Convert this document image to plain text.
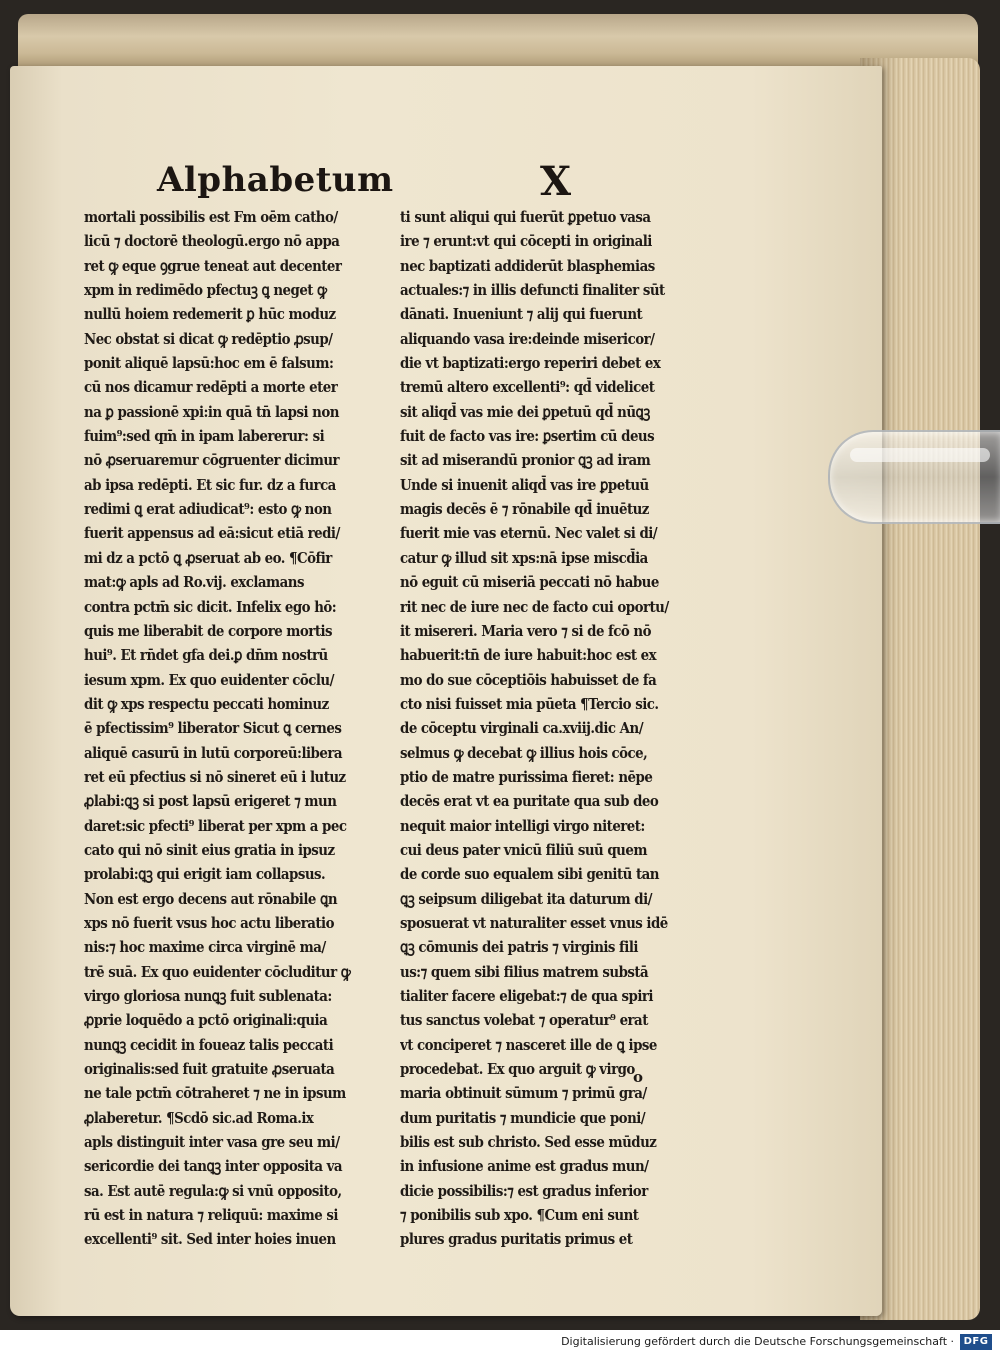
Alphabetum	X
mortali possibilis est Fm oēm catho/
licū ⁊ doctorē theologū.ergo nō appa
ret ꝙ eque ꝯgrue teneat aut decenter
xpm in redimēdo pfectuꝫ ꝗ neget ꝙ
nullū hoiem redemerit ꝑ hūc moduz
Nec obstat si dicat ꝙ redēptio ꝓsup/
ponit aliquē lapsū:hoc em ē falsum:
cū nos dicamur redēpti a morte eter
na ꝑ passionē xpi:in quā tn̄ lapsi non
fuim⁹:sed qm̄ in ipam labererur: si
nō ꝓseruaremur cōgruenter dicimur
ab ipsa redēpti. Et sic fur. dz a furca
redimi ꝗ erat adiudicat⁹: esto ꝙ non
fuerit appensus ad eā:sicut etiā redi/
mi dz a pctō ꝗ ꝓseruat ab eo. ¶Cōfir
mat:ꝙ apls ad Ro.vij. exclamans
contra pctm̄ sic dicit. Infelix ego hō:
quis me liberabit de corpore mortis
hui⁹. Et rn̄det gfa dei.ꝑ dn̄m nostrū
iesum xpm. Ex quo euidenter cōclu/
dit ꝙ xps respectu peccati hominuz
ē pfectissim⁹ liberator Sicut ꝗ cernes
aliquē casurū in lutū corporeū:libera
ret eū pfectius si nō sineret eū i lutuz
ꝓlabi:ꝗꝫ si post lapsū erigeret ⁊ mun
daret:sic pfecti⁹ liberat per xpm a pec
cato qui nō sinit eius gratia in ipsuz
prolabi:ꝗꝫ qui erigit iam collapsus.
Non est ergo decens aut rōnabile ꝗn
xps nō fuerit vsus hoc actu liberatio
nis:⁊ hoc maxime circa virginē ma/
trē suā. Ex quo euidenter cōcluditur ꝙ
virgo gloriosa nunꝗꝫ fuit sublenata:
ꝓprie loquēdo a pctō originali:quia
nunꝗꝫ cecidit in foueaz talis peccati
originalis:sed fuit gratuite ꝓseruata
ne tale pctm̄ cōtraheret ⁊ ne in ipsum
ꝓlaberetur. ¶Scdō sic.ad Roma.ix
apls distinguit inter vasa gre seu mi/
sericordie dei tanꝗꝫ inter opposita va
sa. Est autē regula:ꝙ si vnū opposito,
rū est in natura ⁊ reliquū: maxime si
excellenti⁹ sit. Sed inter hoies inuen
ti sunt aliqui qui fuerūt ꝑpetuo vasa
ire ⁊ erunt:vt qui cōcepti in originali
nec baptizati addiderūt blasphemias
actuales:⁊ in illis defuncti finaliter sūt
dānati. Inueniunt ⁊ alij qui fuerunt
aliquando vasa ire:deinde misericor/
die vt baptizati:ergo reperiri debet ex
tremū altero excellenti⁹: qd̄ videlicet
sit aliqd̄ vas mie dei ꝑpetuū qd̄ nūꝗꝫ
fuit de facto vas ire: ꝑsertim cū deus
sit ad miserandū pronior ꝗꝫ ad iram
Unde si inuenit aliqd̄ vas ire ꝑpetuū
magis decēs ē ⁊ rōnabile qd̄ inuētuz
fuerit mie vas eternū. Nec valet si di/
catur ꝙ illud sit xps:nā ipse miscd̄ia
nō eguit cū miseriā peccati nō habue
rit nec de iure nec de facto cui oportu/
it misereri. Maria vero ⁊ si de fcō nō
habuerit:tn̄ de iure habuit:hoc est ex
mo do sue cōceptiōis habuisset de fa
cto nisi fuisset mia pūeta ¶Tercio sic.
de cōceptu virginali ca.xviij.dic An/
selmus ꝙ decebat ꝙ illius hois cōce,
ptio de matre purissima fieret: nēpe
decēs erat vt ea puritate qua sub deo
nequit maior intelligi virgo niteret:
cui deus pater vnicū filiū suū quem
de corde suo equalem sibi genitū tan
ꝗꝫ seipsum diligebat ita daturum di/
sposuerat vt naturaliter esset vnus idē
ꝗꝫ cōmunis dei patris ⁊ virginis fili
us:⁊ quem sibi filius matrem substā
tialiter facere eligebat:⁊ de qua spiri
tus sanctus volebat ⁊ operatur⁹ erat
vt conciperet ⁊ nasceret ille de ꝗ ipse
procedebat. Ex quo arguit ꝙ virgo
maria obtinuit sūmum ⁊ primū gra/
dum puritatis ⁊ mundicie que poni/
bilis est sub christo. Sed esse mūduz
in infusione anime est gradus mun/
dicie possibilis:⁊ est gradus inferior
⁊ ponibilis sub xpo. ¶Cum eni sunt
plures gradus puritatis primus et
o
Digitalisierung gefördert durch die Deutsche Forschungsgemeinschaft · DFG
